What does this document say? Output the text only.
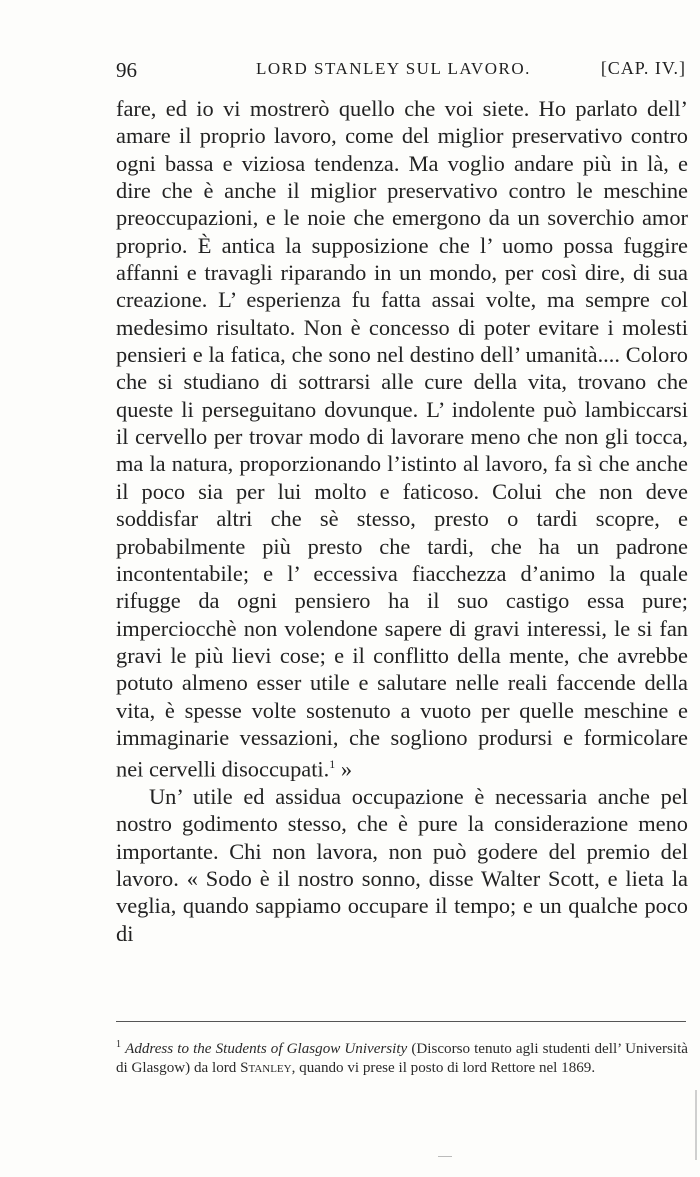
96	LORD STANLEY SUL LAVORO.	[CAP. IV.]

fare, ed io vi mostrerò quello che voi siete. Ho parlato dell’ amare il proprio lavoro, come del miglior preservativo contro ogni bassa e viziosa tendenza. Ma voglio andare più in là, e dire che è anche il miglior preservativo contro le meschine preoccupazioni, e le noie che emergono da un soverchio amor proprio. È antica la supposizione che l’ uomo possa fuggire affanni e travagli riparando in un mondo, per così dire, di sua creazione. L’ esperienza fu fatta assai volte, ma sempre col medesimo risultato. Non è concesso di poter evitare i molesti pensieri e la fatica, che sono nel destino dell’ umanità.... Coloro che si studiano di sottrarsi alle cure della vita, trovano che queste li perseguitano dovunque. L’ indolente può lambiccarsi il cervello per trovar modo di lavorare meno che non gli tocca, ma la natura, proporzionando l’istinto al lavoro, fa sì che anche il poco sia per lui molto e faticoso. Colui che non deve soddisfar altri che sè stesso, presto o tardi scopre, e probabilmente più presto che tardi, che ha un padrone incontentabile; e l’ eccessiva fiacchezza d’animo la quale rifugge da ogni pensiero ha il suo castigo essa pure; imperciocchè non volendone sapere di gravi interessi, le si fan gravi le più lievi cose; e il conflitto della mente, che avrebbe potuto almeno esser utile e salutare nelle reali faccende della vita, è spesse volte sostenuto a vuoto per quelle meschine e immaginarie vessazioni, che sogliono prodursi e formicolare nei cervelli disoccupati.$^1$ »

Un’ utile ed assidua occupazione è necessaria anche pel nostro godimento stesso, che è pure la considerazione meno importante. Chi non lavora, non può godere del premio del lavoro. « Sodo è il nostro sonno, disse Walter Scott, e lieta la veglia, quando sappiamo occupare il tempo; e un qualche poco di

$^1$ Address to the Students of Glasgow University (Discorso tenuto agli studenti dell’ Università di Glasgow) da lord Stanley, quando vi prese il posto di lord Rettore nel 1869.
